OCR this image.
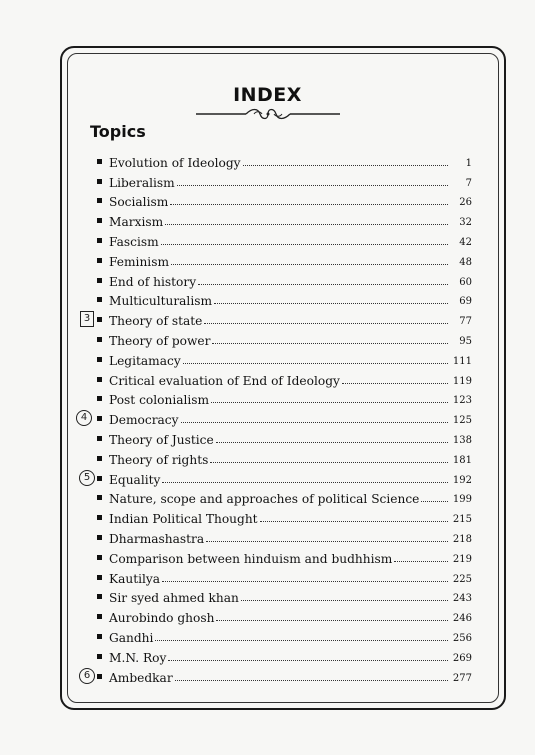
INDEX
Topics
Evolution of Ideology	1
Liberalism	7
Socialism	26
Marxism	32
Fascism	42
Feminism	48
End of history	60
Multiculturalism	69
Theory of state	77
Theory of power	95
Legitamacy	111
Critical evaluation of End of Ideology	119
Post colonialism	123
Democracy	125
Theory of Justice	138
Theory of rights	181
Equality	192
Nature, scope and approaches of political Science	199
Indian Political Thought	215
Dharmashastra	218
Comparison between hinduism and budhhism	219
Kautilya	225
Sir syed ahmed khan	243
Aurobindo ghosh	246
Gandhi	256
M.N. Roy	269
Ambedkar	277
3
4
5
6
